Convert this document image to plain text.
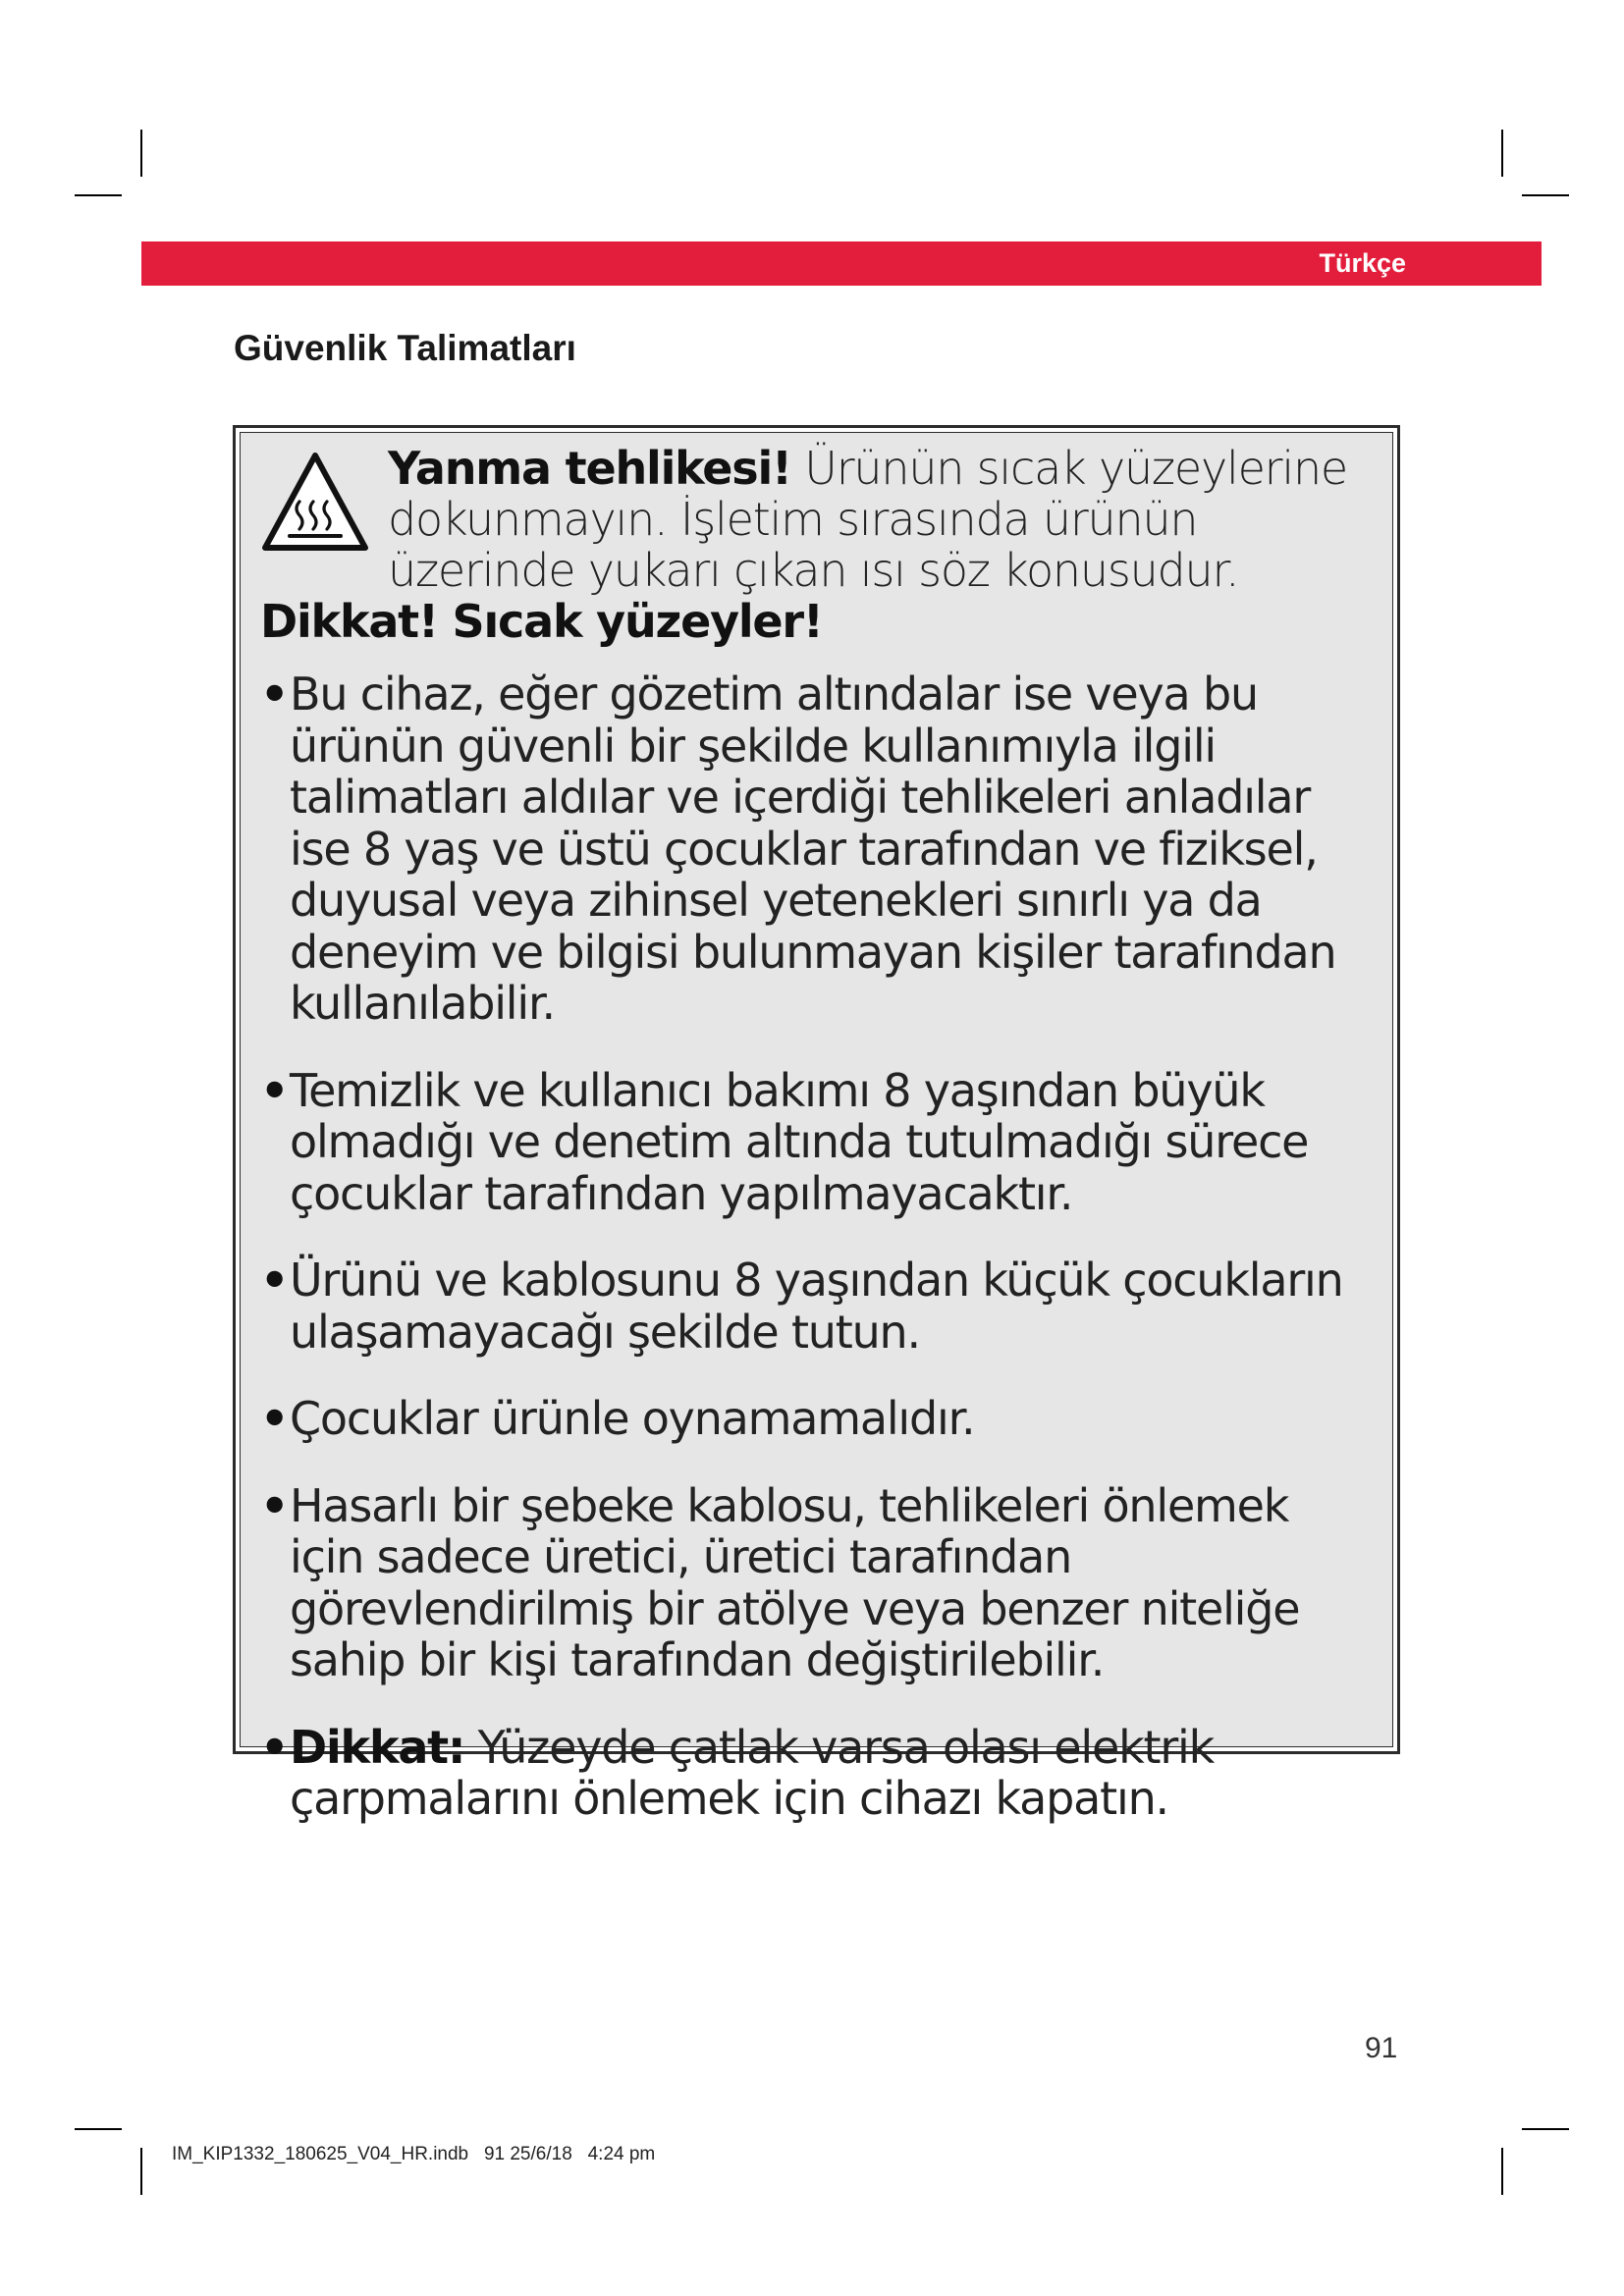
Türkçe
Güvenlik Talimatları
Yanma tehlikesi! Ürünün sıcak yüzeylerine dokunmayın. İşletim sırasında ürünün üzerinde yukarı çıkan ısı söz konusudur. Dikkat! Sıcak yüzeyler!
• Bu cihaz, eğer gözetim altındalar ise veya bu ürünün güvenli bir şekilde kullanımıyla ilgili talimatları aldılar ve içerdiği tehlikeleri anladılar ise 8 yaş ve üstü çocuklar tarafından ve fiziksel, duyusal veya zihinsel yetenekleri sınırlı ya da deneyim ve bilgisi bulunmayan kişiler tarafından kullanılabilir.
• Temizlik ve kullanıcı bakımı 8 yaşından büyük olmadığı ve denetim altında tutulmadığı sürece çocuklar tarafından yapılmayacaktır.
• Ürünü ve kablosunu 8 yaşından küçük çocukların ulaşamayacağı şekilde tutun.
• Çocuklar ürünle oynamamalıdır.
• Hasarlı bir şebeke kablosu, tehlikeleri önlemek için sadece üretici, üretici tarafından görevlendirilmiş bir atölye veya benzer niteliğe sahip bir kişi tarafından değiştirilebilir.
• Dikkat: Yüzeyde çatlak varsa olası elektrik çarpmalarını önlemek için cihazı kapatın.
91
IM_KIP1332_180625_V04_HR.indb   91 25/6/18   4:24 pm
